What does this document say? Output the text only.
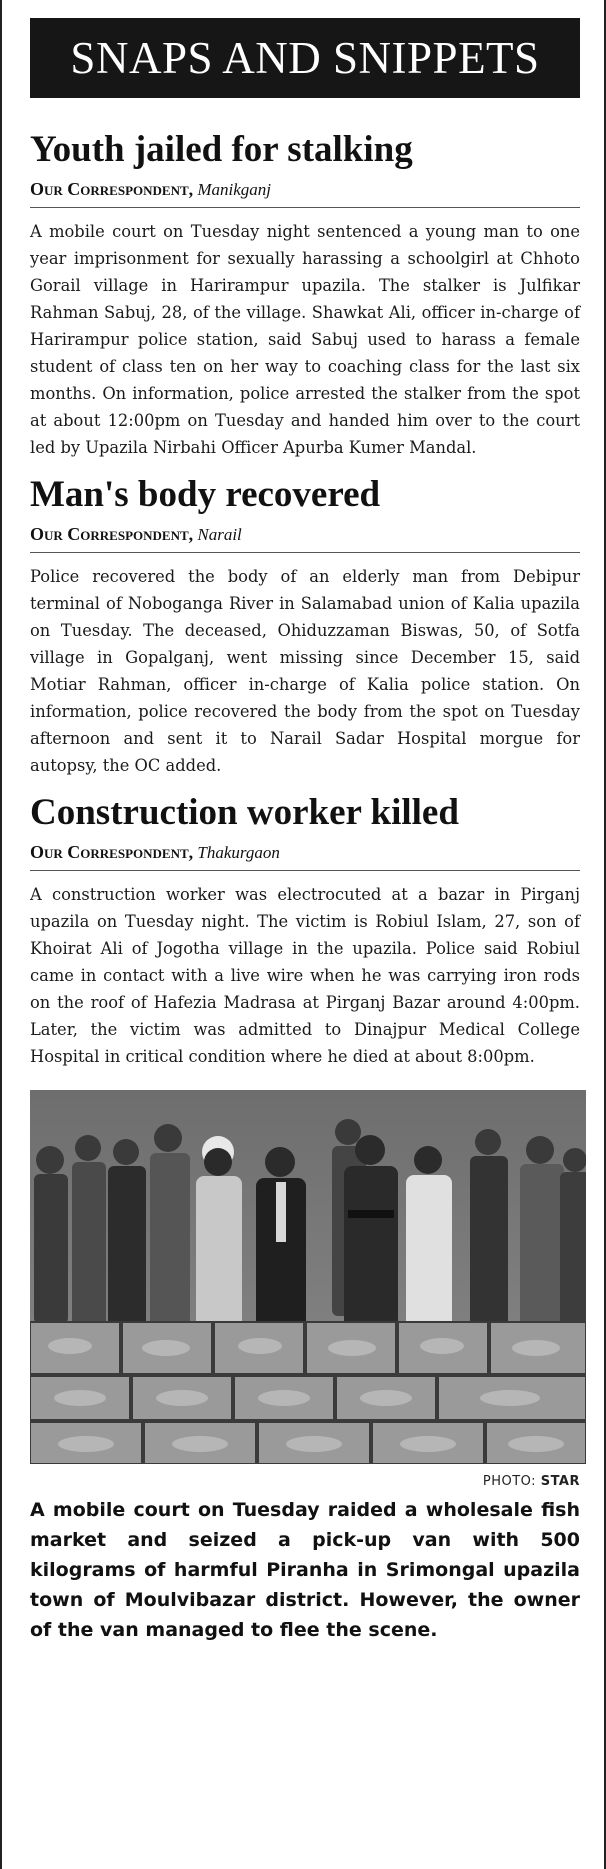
SNAPS AND SNIPPETS
Youth jailed for stalking
Our Correspondent, Manikganj

A mobile court on Tuesday night sentenced a young man to one year imprisonment for sexually harassing a schoolgirl at Chhoto Gorail village in Harirampur upazila. The stalker is Julfikar Rahman Sabuj, 28, of the village. Shawkat Ali, officer in-charge of Harirampur police station, said Sabuj used to harass a female student of class ten on her way to coaching class for the last six months. On information, police arrested the stalker from the spot at about 12:00pm on Tuesday and handed him over to the court led by Upazila Nirbahi Officer Apurba Kumer Mandal.

Man's body recovered
Our Correspondent, Narail

Police recovered the body of an elderly man from Debipur terminal of Noboganga River in Salamabad union of Kalia upazila on Tuesday. The deceased, Ohiduzzaman Biswas, 50, of Sotfa village in Gopalganj, went missing since December 15, said Motiar Rahman, officer in-charge of Kalia police station. On information, police recovered the body from the spot on Tuesday afternoon and sent it to Narail Sadar Hospital morgue for autopsy, the OC added.

Construction worker killed
Our Correspondent, Thakurgaon

A construction worker was electrocuted at a bazar in Pirganj upazila on Tuesday night. The victim is Robiul Islam, 27, son of Khoirat Ali of Jogotha village in the upazila. Police said Robiul came in contact with a live wire when he was carrying iron rods on the roof of Hafezia Madrasa at Pirganj Bazar around 4:00pm. Later, the victim was admitted to Dinajpur Medical College Hospital in critical condition where he died at about 8:00pm.

PHOTO: STAR

A mobile court on Tuesday raided a wholesale fish market and seized a pick-up van with 500 kilograms of harmful Piranha in Srimongal upazila town of Moulvibazar district. However, the owner of the van managed to flee the scene.
